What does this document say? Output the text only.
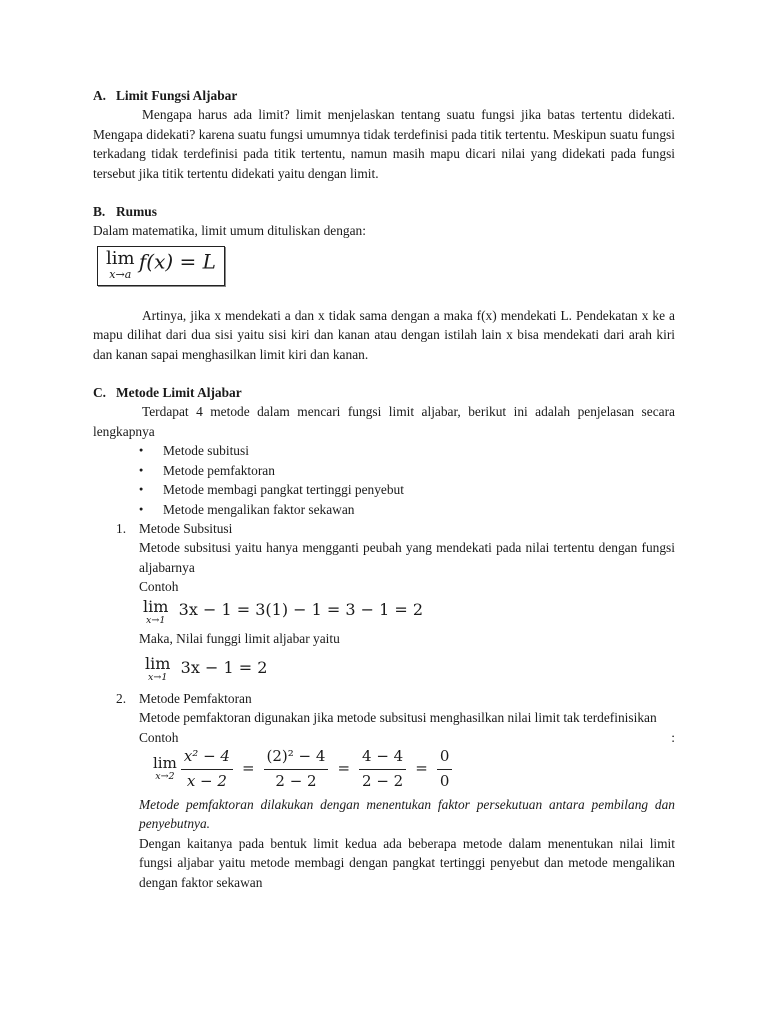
A. Limit Fungsi Aljabar

Mengapa harus ada limit? limit menjelaskan tentang suatu fungsi jika batas tertentu didekati. Mengapa didekati? karena suatu fungsi umumnya tidak terdefinisi pada titik tertentu. Meskipun suatu fungsi terkadang tidak terdefinisi pada titik tertentu, namun masih mapu dicari nilai yang didekati pada fungsi tersebut jika titik tertentu didekati yaitu dengan limit.

B. Rumus

Dalam matematika, limit umum dituliskan dengan:

lim
x→a
f(x) = L

Artinya, jika x mendekati a dan x tidak sama dengan a maka f(x) mendekati L. Pendekatan x ke a mapu dilihat dari dua sisi yaitu sisi kiri dan kanan atau dengan istilah lain x bisa mendekati dari arah kiri dan kanan sapai menghasilkan limit kiri dan kanan.

C. Metode Limit Aljabar

Terdapat 4 metode dalam mencari fungsi limit aljabar, berikut ini adalah penjelasan secara lengkapnya

● Metode subitusi
● Metode pemfaktoran
● Metode membagi pangkat tertinggi penyebut
● Metode mengalikan faktor sekawan
1. Metode Subsitusi

Metode subsitusi yaitu hanya mengganti peubah yang mendekati pada nilai tertentu dengan fungsi aljabarnya

Contoh
lim
x→1
3x − 1 = 3(1) − 1 = 3 − 1 = 2
Maka, Nilai funggi limit aljabar yaitu
lim
x→1
3x − 1 = 2
2. Metode Pemfaktoran

Metode pemfaktoran digunakan jika metode subsitusi menghasilkan nilai limit tak terdefinisikan

Contoh	:
lim
$x\to 2 \frac{\text{x² − 4}}{x - 2} = \frac{\text{(2)² − 4}}{2 - 2} = \frac{4 - 4}{2 - 2} = \frac{0}{0}$

Metode pemfaktoran dilakukan dengan menentukan faktor persekutuan antara pembilang dan penyebutnya.

Dengan kaitanya pada bentuk limit kedua ada beberapa metode dalam menentukan nilai limit fungsi aljabar yaitu metode membagi dengan pangkat tertinggi penyebut dan metode mengalikan dengan faktor sekawan
